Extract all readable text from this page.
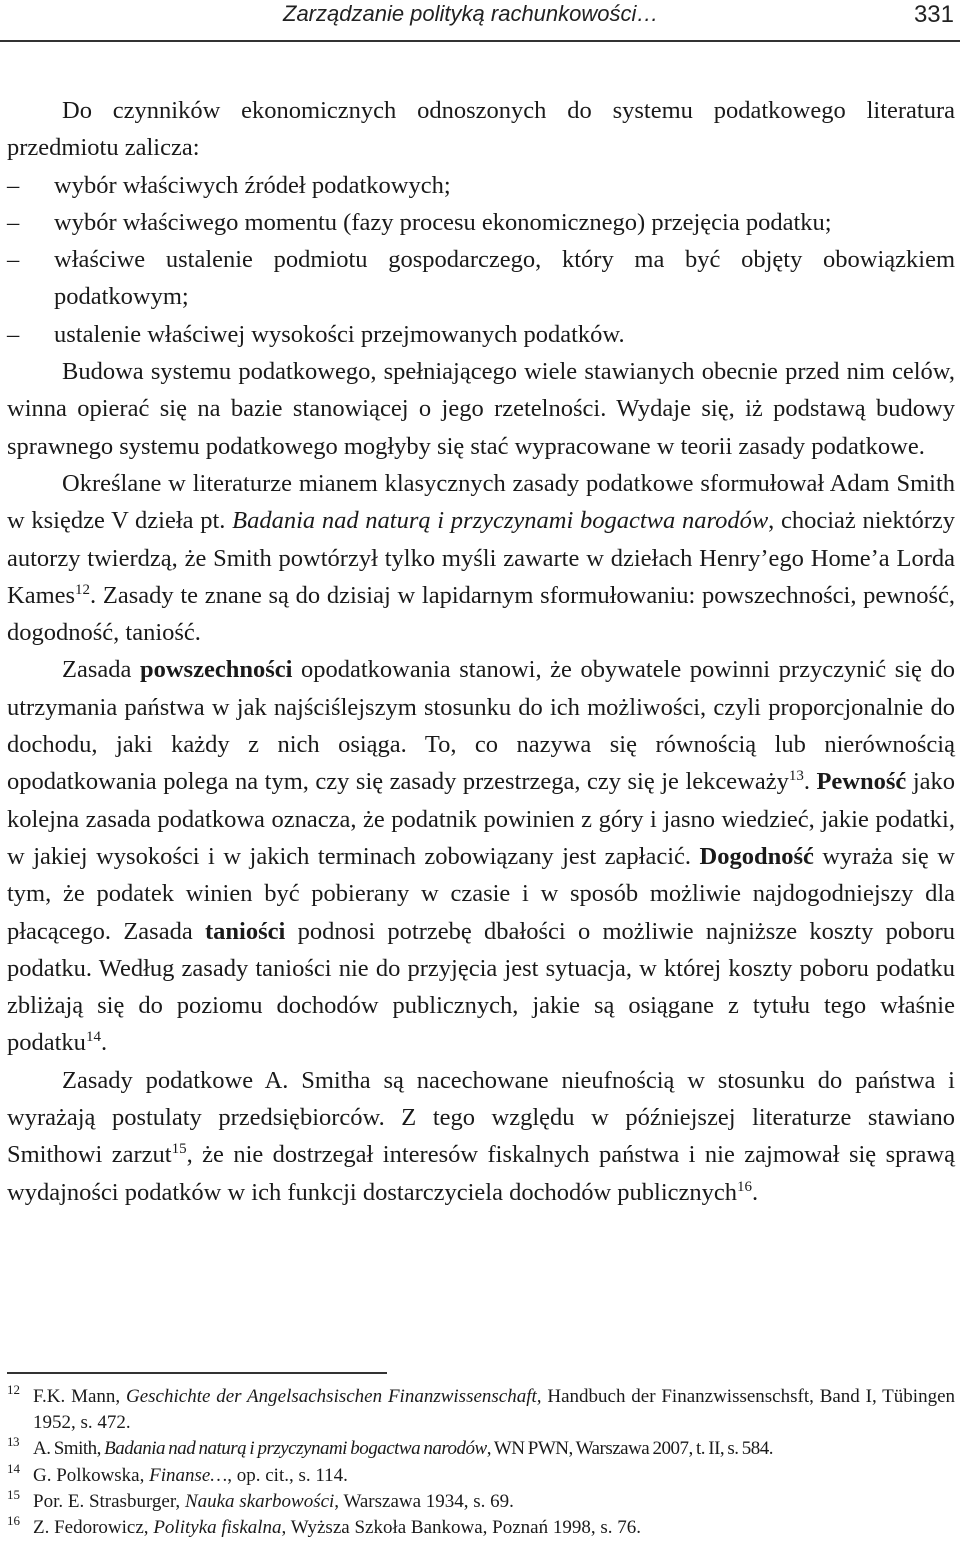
Zarządzanie polityką rachunkowości…	331

Do czynników ekonomicznych odnoszonych do systemu podatkowego literatura przedmiotu zalicza:

– wybór właściwych źródeł podatkowych;
– wybór właściwego momentu (fazy procesu ekonomicznego) przejęcia podatku;
– właściwe ustalenie podmiotu gospodarczego, który ma być objęty obowiązkiem podatkowym;
– ustalenie właściwej wysokości przejmowanych podatków.

Budowa systemu podatkowego, spełniającego wiele stawianych obecnie przed nim celów, winna opierać się na bazie stanowiącej o jego rzetelności. Wydaje się, iż podstawą budowy sprawnego systemu podatkowego mogłyby się stać wypracowane w teorii zasady podatkowe.

Określane w literaturze mianem klasycznych zasady podatkowe sformułował Adam Smith w księdze V dzieła pt. Badania nad naturą i przyczynami bogactwa narodów, chociaż niektórzy autorzy twierdzą, że Smith powtórzył tylko myśli zawarte w dziełach Henry’ego Home’a Lorda Kames$^{12}$. Zasady te znane są do dzisiaj w lapidarnym sformułowaniu: powszechności, pewność, dogodność, taniość.

Zasada powszechności opodatkowania stanowi, że obywatele powinni przyczynić się do utrzymania państwa w jak najściślejszym stosunku do ich możliwości, czyli proporcjonalnie do dochodu, jaki każdy z nich osiąga. To, co nazywa się równością lub nierównością opodatkowania polega na tym, czy się zasady przestrzega, czy się je lekceważy$^{13}$. Pewność jako kolejna zasada podatkowa oznacza, że podatnik powinien z góry i jasno wiedzieć, jakie podatki, w jakiej wysokości i w jakich terminach zobowiązany jest zapłacić. Dogodność wyraża się w tym, że podatek winien być pobierany w czasie i w sposób możliwie najdogodniejszy dla płacącego. Zasada taniości podnosi potrzebę dbałości o możliwie najniższe koszty poboru podatku. Według zasady taniości nie do przyjęcia jest sytuacja, w której koszty poboru podatku zbliżają się do poziomu dochodów publicznych, jakie są osiągane z tytułu tego właśnie podatku$^{14}$.

Zasady podatkowe A. Smitha są nacechowane nieufnością w stosunku do państwa i wyrażają postulaty przedsiębiorców. Z tego względu w późniejszej literaturze stawiano Smithowi zarzut$^{15}$, że nie dostrzegał interesów fiskalnych państwa i nie zajmował się sprawą wydajności podatków w ich funkcji dostarczyciela dochodów publicznych$^{16}$.

12 F.K. Mann, Geschichte der Angelsachsischen Finanzwissenschaft, Handbuch der Finanzwissenschsft, Band I, Tübingen 1952, s. 472.
13 A. Smith, Badania nad naturą i przyczynami bogactwa narodów, WN PWN, Warszawa 2007, t. II, s. 584.
14 G. Polkowska, Finanse…, op. cit., s. 114.
15 Por. E. Strasburger, Nauka skarbowości, Warszawa 1934, s. 69.
16 Z. Fedorowicz, Polityka fiskalna, Wyższa Szkoła Bankowa, Poznań 1998, s. 76.
